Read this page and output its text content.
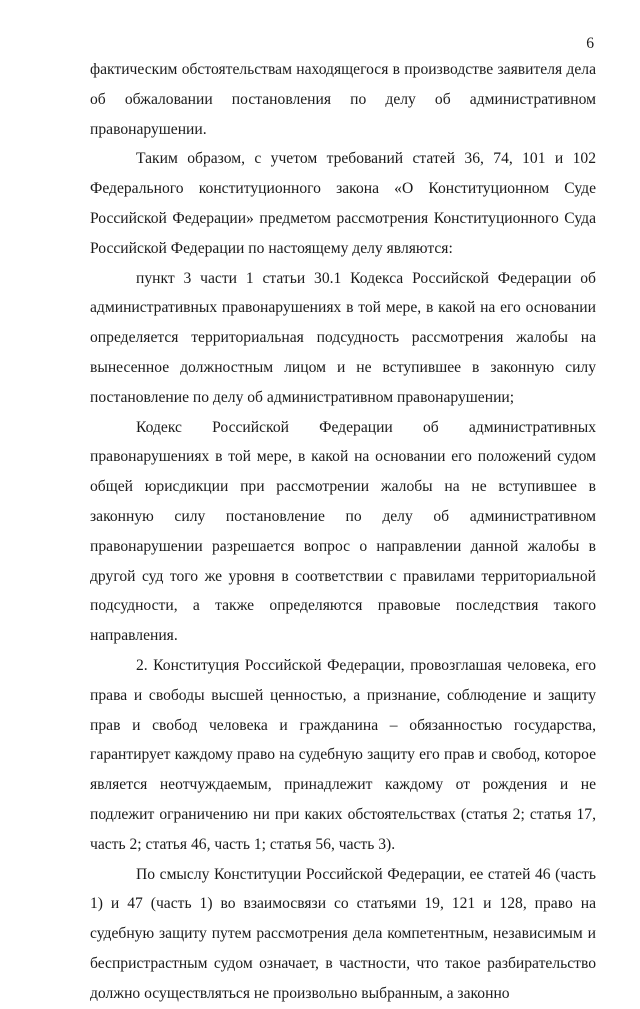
6

фактическим обстоятельствам находящегося в производстве заявителя дела об обжаловании постановления по делу об административном правонарушении.

Таким образом, с учетом требований статей 36, 74, 101 и 102 Федерального конституционного закона «О Конституционном Суде Российской Федерации» предметом рассмотрения Конституционного Суда Российской Федерации по настоящему делу являются:

пункт 3 части 1 статьи 30.1 Кодекса Российской Федерации об административных правонарушениях в той мере, в какой на его основании определяется территориальная подсудность рассмотрения жалобы на вынесенное должностным лицом и не вступившее в законную силу постановление по делу об административном правонарушении;

Кодекс Российской Федерации об административных правонарушениях в той мере, в какой на основании его положений судом общей юрисдикции при рассмотрении жалобы на не вступившее в законную силу постановление по делу об административном правонарушении разрешается вопрос о направлении данной жалобы в другой суд того же уровня в соответствии с правилами территориальной подсудности, а также определяются правовые последствия такого направления.

2. Конституция Российской Федерации, провозглашая человека, его права и свободы высшей ценностью, а признание, соблюдение и защиту прав и свобод человека и гражданина – обязанностью государства, гарантирует каждому право на судебную защиту его прав и свобод, которое является неотчуждаемым, принадлежит каждому от рождения и не подлежит ограничению ни при каких обстоятельствах (статья 2; статья 17, часть 2; статья 46, часть 1; статья 56, часть 3).

По смыслу Конституции Российской Федерации, ее статей 46 (часть 1) и 47 (часть 1) во взаимосвязи со статьями 19, 121 и 128, право на судебную защиту путем рассмотрения дела компетентным, независимым и беспристрастным судом означает, в частности, что такое разбирательство должно осуществляться не произвольно выбранным, а законно
